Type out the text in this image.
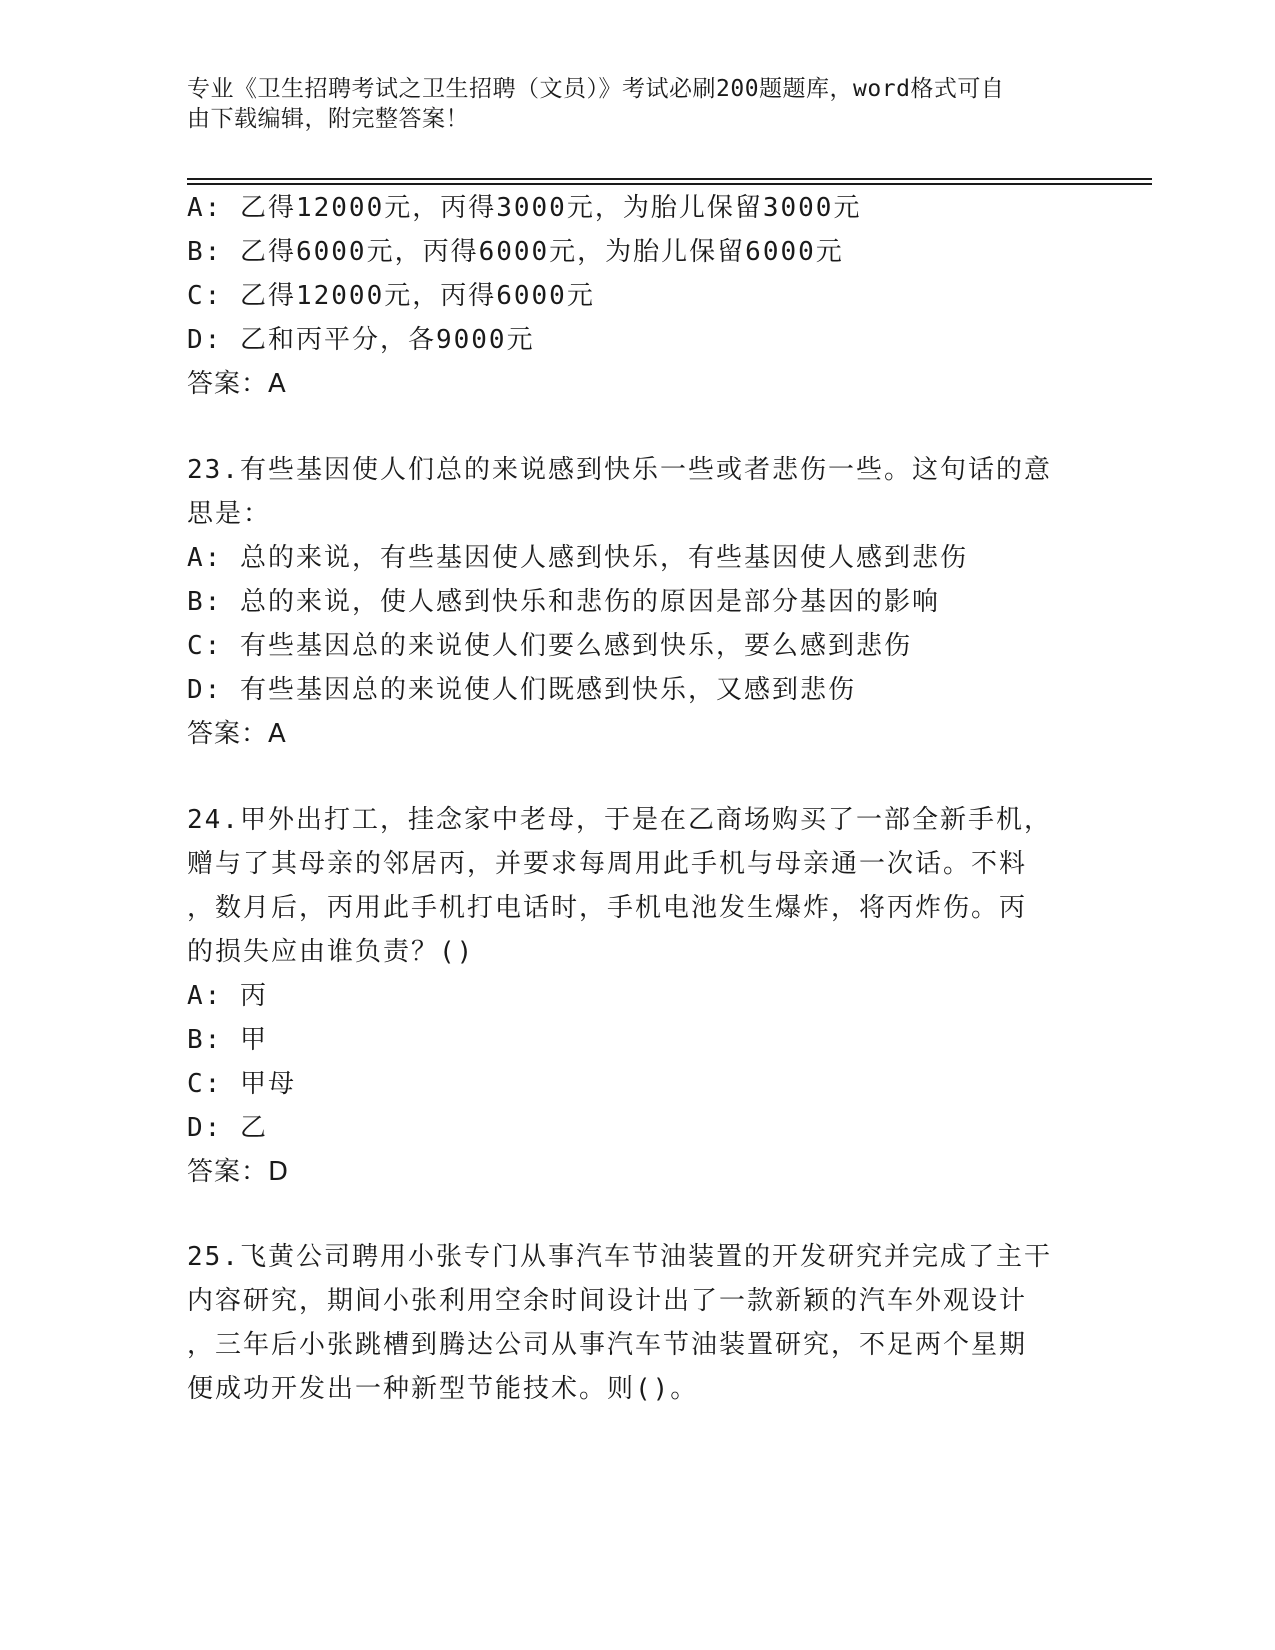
专业《卫生招聘考试之卫生招聘（文员）》考试必刷200题题库，word格式可自
由下载编辑，附完整答案！
A: 乙得12000元，丙得3000元，为胎儿保留3000元
B: 乙得6000元，丙得6000元，为胎儿保留6000元
C: 乙得12000元，丙得6000元
D: 乙和丙平分，各9000元
答案：A
23.有些基因使人们总的来说感到快乐一些或者悲伤一些。这句话的意
思是：
A: 总的来说，有些基因使人感到快乐，有些基因使人感到悲伤
B: 总的来说，使人感到快乐和悲伤的原因是部分基因的影响
C: 有些基因总的来说使人们要么感到快乐，要么感到悲伤
D: 有些基因总的来说使人们既感到快乐，又感到悲伤
答案：A
24.甲外出打工，挂念家中老母，于是在乙商场购买了一部全新手机，
赠与了其母亲的邻居丙，并要求每周用此手机与母亲通一次话。不料
，数月后，丙用此手机打电话时，手机电池发生爆炸，将丙炸伤。丙
的损失应由谁负责？()
A: 丙
B: 甲
C: 甲母
D: 乙
答案：D
25.飞黄公司聘用小张专门从事汽车节油装置的开发研究并完成了主干
内容研究，期间小张利用空余时间设计出了一款新颖的汽车外观设计
，三年后小张跳槽到腾达公司从事汽车节油装置研究，不足两个星期
便成功开发出一种新型节能技术。则()。
